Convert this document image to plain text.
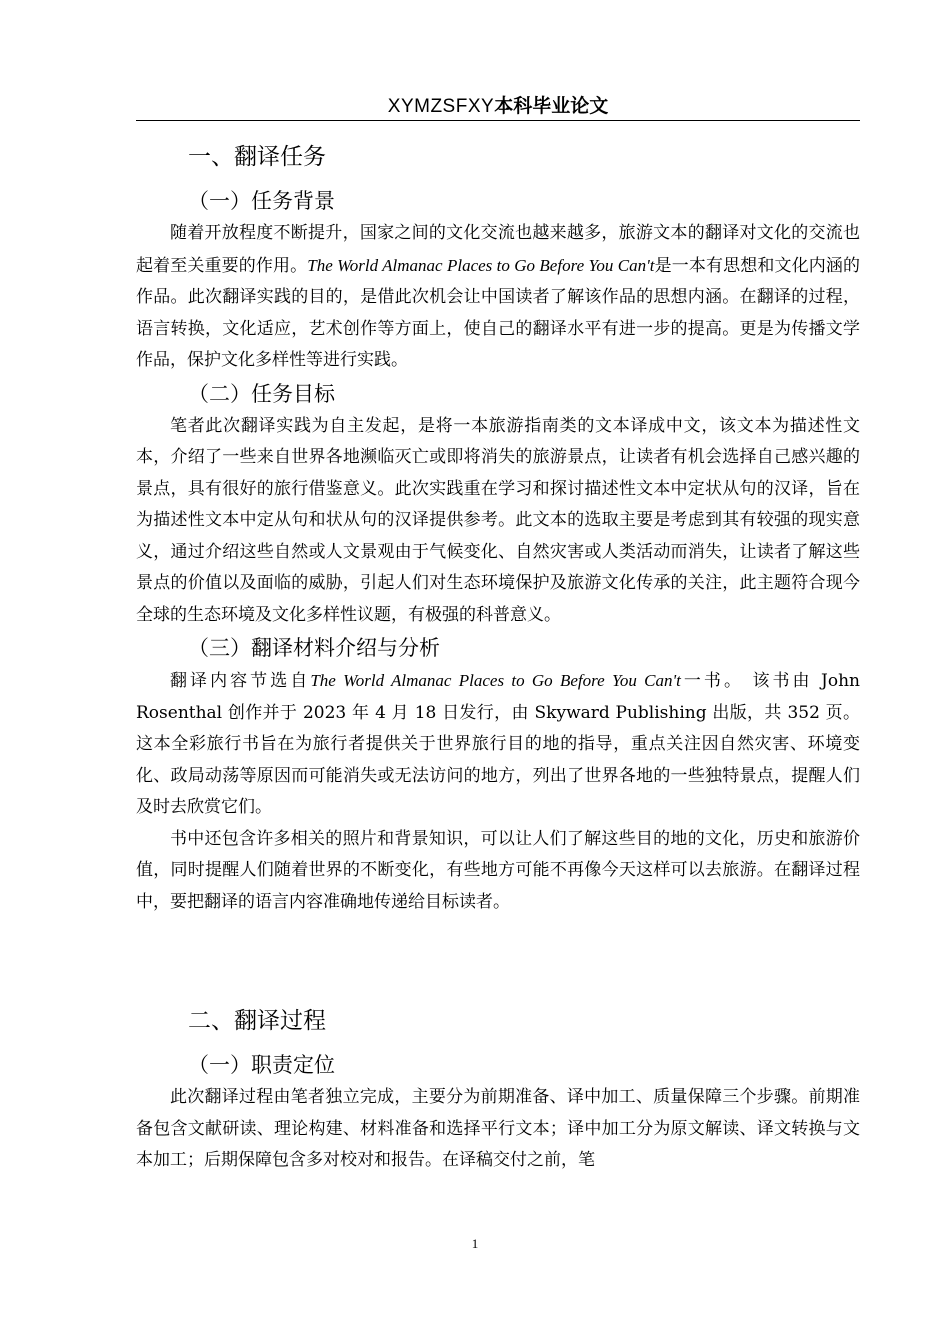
XYMZSFXY本科毕业论文
一、翻译任务
（一）任务背景

随着开放程度不断提升，国家之间的文化交流也越来越多，旅游文本的翻译对文化的交流也起着至关重要的作用。The World Almanac Places to Go Before You Can't是一本有思想和文化内涵的作品。此次翻译实践的目的，是借此次机会让中国读者了解该作品的思想内涵。在翻译的过程，语言转换，文化适应，艺术创作等方面上，使自己的翻译水平有进一步的提高。更是为传播文学作品，保护文化多样性等进行实践。

（二）任务目标

笔者此次翻译实践为自主发起，是将一本旅游指南类的文本译成中文，该文本为描述性文本，介绍了一些来自世界各地濒临灭亡或即将消失的旅游景点，让读者有机会选择自己感兴趣的景点，具有很好的旅行借鉴意义。此次实践重在学习和探讨描述性文本中定状从句的汉译，旨在为描述性文本中定从句和状从句的汉译提供参考。此文本的选取主要是考虑到其有较强的现实意义，通过介绍这些自然或人文景观由于气候变化、自然灾害或人类活动而消失，让读者了解这些景点的价值以及面临的威胁，引起人们对生态环境保护及旅游文化传承的关注，此主题符合现今全球的生态环境及文化多样性议题，有极强的科普意义。

（三）翻译材料介绍与分析

翻译内容节选自The World Almanac Places to Go Before You Can't一书。 该书由 John Rosenthal 创作并于 2023 年 4 月 18 日发行，由 Skyward Publishing 出版，共 352 页。这本全彩旅行书旨在为旅行者提供关于世界旅行目的地的指导，重点关注因自然灾害、环境变化、政局动荡等原因而可能消失或无法访问的地方，列出了世界各地的一些独特景点，提醒人们及时去欣赏它们。

书中还包含许多相关的照片和背景知识，可以让人们了解这些目的地的文化，历史和旅游价值，同时提醒人们随着世界的不断变化，有些地方可能不再像今天这样可以去旅游。在翻译过程中，要把翻译的语言内容准确地传递给目标读者。

二、翻译过程
（一）职责定位

此次翻译过程由笔者独立完成，主要分为前期准备、译中加工、质量保障三个步骤。前期准备包含文献研读、理论构建、材料准备和选择平行文本；译中加工分为原文解读、译文转换与文本加工；后期保障包含多对校对和报告。在译稿交付之前，笔

1
